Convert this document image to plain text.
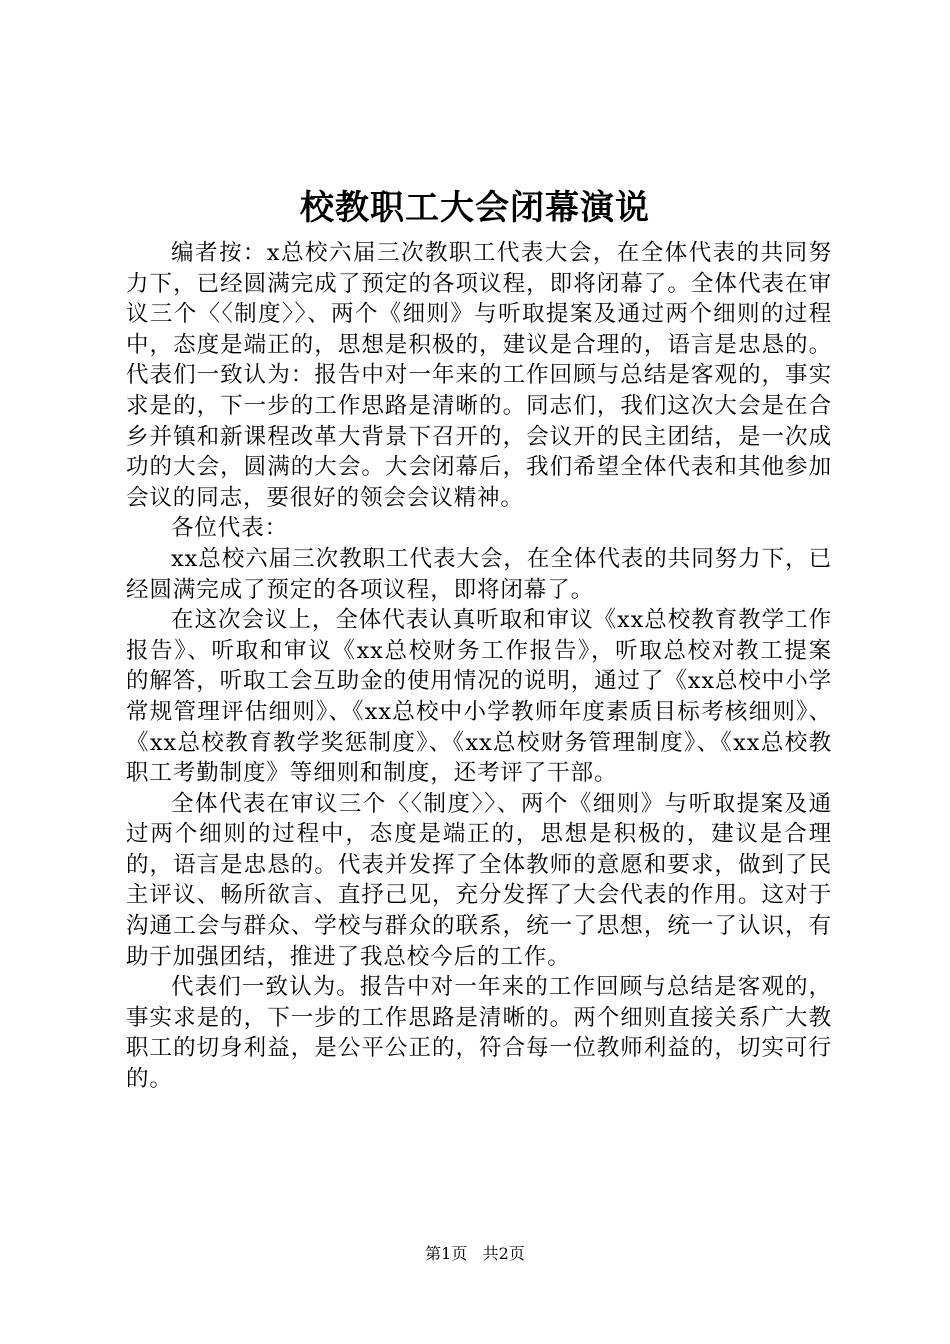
校教职工大会闭幕演说

编者按：x总校六届三次教职工代表大会，在全体代表的共同努力下，已经圆满完成了预定的各项议程，即将闭幕了。全体代表在审议三个〈〈制度〉〉、两个《细则》与听取提案及通过两个细则的过程中，态度是端正的，思想是积极的，建议是合理的，语言是忠恳的。代表们一致认为：报告中对一年来的工作回顾与总结是客观的，事实求是的，下一步的工作思路是清晰的。同志们，我们这次大会是在合乡并镇和新课程改革大背景下召开的，会议开的民主团结，是一次成功的大会，圆满的大会。大会闭幕后，我们希望全体代表和其他参加会议的同志，要很好的领会会议精神。

各位代表：

xx总校六届三次教职工代表大会，在全体代表的共同努力下，已经圆满完成了预定的各项议程，即将闭幕了。

在这次会议上，全体代表认真听取和审议《xx总校教育教学工作报告》、听取和审议《xx总校财务工作报告》，听取总校对教工提案的解答，听取工会互助金的使用情况的说明，通过了《xx总校中小学常规管理评估细则》、《xx总校中小学教师年度素质目标考核细则》、《xx总校教育教学奖惩制度》、《xx总校财务管理制度》、《xx总校教职工考勤制度》等细则和制度，还考评了干部。

全体代表在审议三个〈〈制度〉〉、两个《细则》与听取提案及通过两个细则的过程中，态度是端正的，思想是积极的，建议是合理的，语言是忠恳的。代表并发挥了全体教师的意愿和要求，做到了民主评议、畅所欲言、直抒己见，充分发挥了大会代表的作用。这对于沟通工会与群众、学校与群众的联系，统一了思想，统一了认识，有助于加强团结，推进了我总校今后的工作。

代表们一致认为。报告中对一年来的工作回顾与总结是客观的，事实求是的，下一步的工作思路是清晰的。两个细则直接关系广大教职工的切身利益，是公平公正的，符合每一位教师利益的，切实可行的。

第1页 共2页
